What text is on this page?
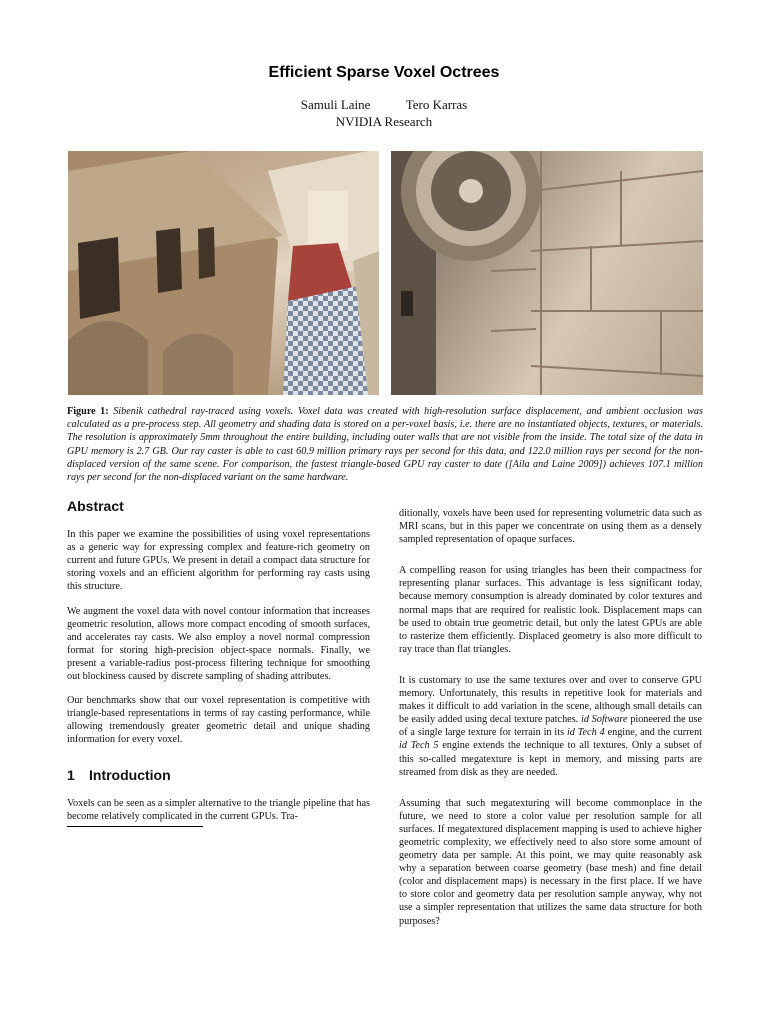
Efficient Sparse Voxel Octrees
Samuli Laine	Tero Karras
NVIDIA Research
Figure 1: Sibenik cathedral ray-traced using voxels. Voxel data was created with high-resolution surface displacement, and ambient occlusion was calculated as a pre-process step. All geometry and shading data is stored on a per-voxel basis, i.e. there are no instantiated objects, textures, or materials. The resolution is approximately 5mm throughout the entire building, including outer walls that are not visible from the inside. The total size of the data in GPU memory is 2.7 GB. Our ray caster is able to cast 60.9 million primary rays per second for this data, and 122.0 million rays per second for the non-displaced version of the same scene. For comparison, the fastest triangle-based GPU ray caster to date ([Aila and Laine 2009]) achieves 107.1 million rays per second for the non-displaced variant on the same hardware.
Abstract

In this paper we examine the possibilities of using voxel representations as a generic way for expressing complex and feature-rich geometry on current and future GPUs. We present in detail a compact data structure for storing voxels and an efficient algorithm for performing ray casts using this structure.

We augment the voxel data with novel contour information that increases geometric resolution, allows more compact encoding of smooth surfaces, and accelerates ray casts. We also employ a novel normal compression format for storing high-precision object-space normals. Finally, we present a variable-radius post-process filtering technique for smoothing out blockiness caused by discrete sampling of shading attributes.

Our benchmarks show that our voxel representation is competitive with triangle-based representations in terms of ray casting performance, while allowing tremendously greater geometric detail and unique shading information for every voxel.

1 Introduction

Voxels can be seen as a simpler alternative to the triangle pipeline that has become relatively complicated in the current GPUs. Tra-

ditionally, voxels have been used for representing volumetric data such as MRI scans, but in this paper we concentrate on using them as a densely sampled representation of opaque surfaces.

A compelling reason for using triangles has been their compactness for representing planar surfaces. This advantage is less significant today, because memory consumption is already dominated by color textures and normal maps that are required for realistic look. Displacement maps can be used to obtain true geometric detail, but only the latest GPUs are able to rasterize them efficiently. Displaced geometry is also more difficult to ray trace than flat triangles.

It is customary to use the same textures over and over to conserve GPU memory. Unfortunately, this results in repetitive look for materials and makes it difficult to add variation in the scene, although small details can be easily added using decal texture patches. id Software pioneered the use of a single large texture for terrain in its id Tech 4 engine, and the current id Tech 5 engine extends the technique to all textures. Only a subset of this so-called megatexture is kept in memory, and missing parts are streamed from disk as they are needed.

Assuming that such megatexturing will become commonplace in the future, we need to store a color value per resolution sample for all surfaces. If megatextured displacement mapping is used to achieve higher geometric complexity, we effectively need to also store some amount of geometry data per sample. At this point, we may quite reasonably ask why a separation between coarse geometry (base mesh) and fine detail (color and displacement maps) is necessary in the first place. If we have to store color and geometry data per resolution sample anyway, why not use a simpler representation that utilizes the same data structure for both purposes?
